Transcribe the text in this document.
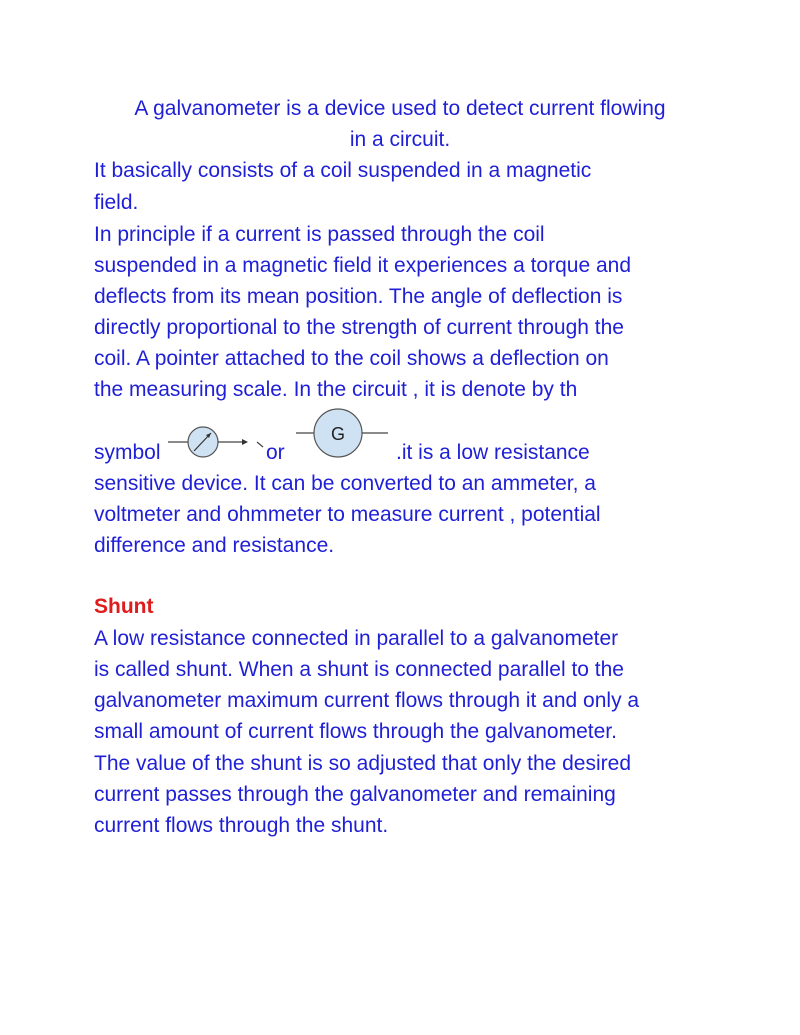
A galvanometer is a device used to detect current flowing
in a circuit.
It basically consists of a coil suspended in a magnetic
field.
In principle if a current is passed through the coil
suspended in a magnetic field it experiences a torque and
deflects from its mean position. The angle of deflection is
directly proportional to the strength of current through the
coil. A pointer attached to the coil shows a deflection on
the measuring scale. In the circuit , it is denote by th
symbol	or
G
.it is a low resistance
sensitive device. It can be converted to an ammeter, a
voltmeter and ohmmeter to measure current , potential
difference and resistance.
Shunt
A low resistance connected in parallel to a galvanometer
is called shunt. When a shunt is connected parallel to the
galvanometer maximum current flows through it and only a
small amount of current flows through the galvanometer.
The value of the shunt is so adjusted that only the desired
current passes through the galvanometer and remaining
current flows through the shunt.
